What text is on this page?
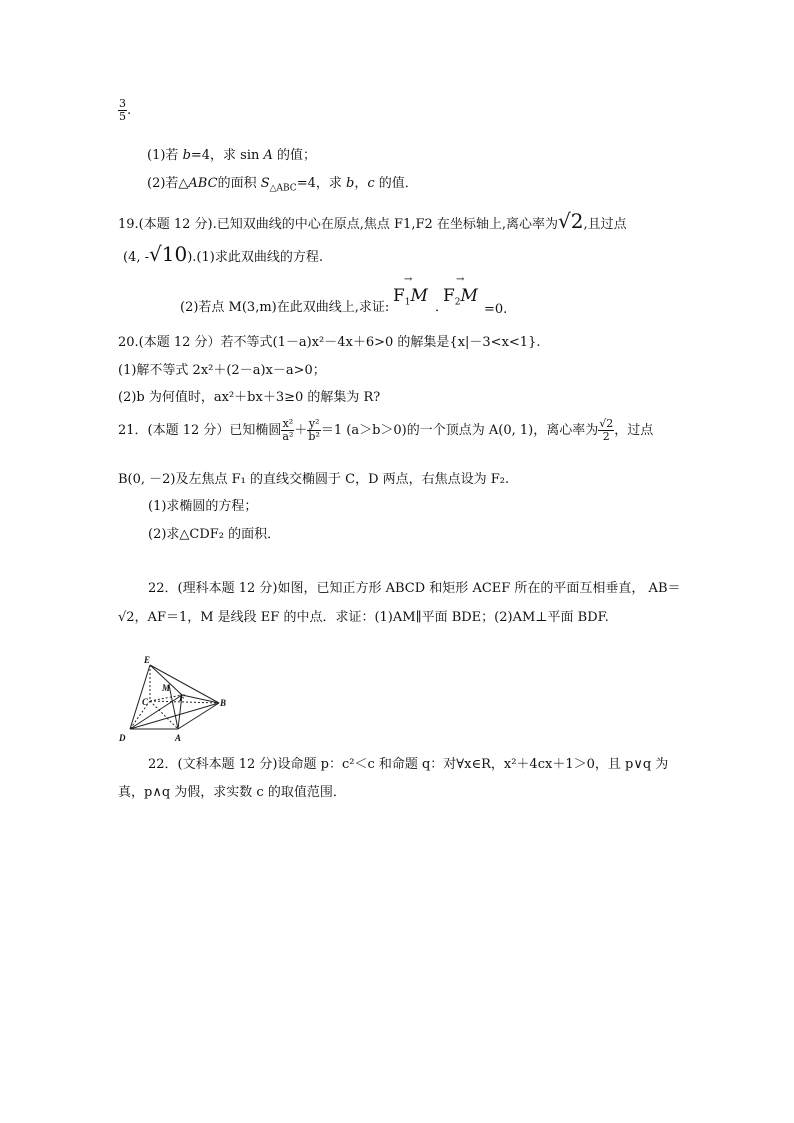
$\frac{3}{5}$ .
(1)若 b=4，求 sin A 的值；
(2)若△ABC的面积 $S_{\triangle ABC}=4$，求 b，c 的值．
19.(本题 12 分).已知双曲线的中心在原点,焦点 F1,F2 在坐标轴上,离心率为√2,且过点
(4, -√10).(1)求此双曲线的方程.
(2)若点 M(3,m)在此双曲线上,求证:
$F_1M$
→
．
$F_2M$
→
=0.
20.(本题 12 分）若不等式(1－a)x²－4x＋6>0 的解集是{x|－3<x<1}.
(1)解不等式 2x²＋(2－a)x－a>0；
(2)b 为何值时，ax²＋bx＋3≥0 的解集为 R?
21．(本题 12 分）已知椭圆 $\frac{\text{x²}}{\text{a²}} + \frac{\text{y²}}{\text{b²}} =1$ (a＞b＞0)的一个顶点为 A(0, 1)，离心率为 $\frac{√2}{2}$ ，过点
B(0, －2)及左焦点 F₁ 的直线交椭圆于 C，D 两点，右焦点设为 F₂.
(1)求椭圆的方程；
(2)求△CDF₂ 的面积．
22．(理科本题 12 分)如图，已知正方形 ABCD 和矩形 ACEF 所在的平面互相垂直， AB＝
√2，AF＝1，M 是线段 EF 的中点．求证：(1)AM∥平面 BDE；(2)AM⊥平面 BDF.
E
M
C	F	B
D	A
22．(文科本题 12 分)设命题 p：c²＜c 和命题 q：对∀x∈R，x²＋4cx＋1＞0，且 p∨q 为
真，p∧q 为假，求实数 c 的取值范围．
